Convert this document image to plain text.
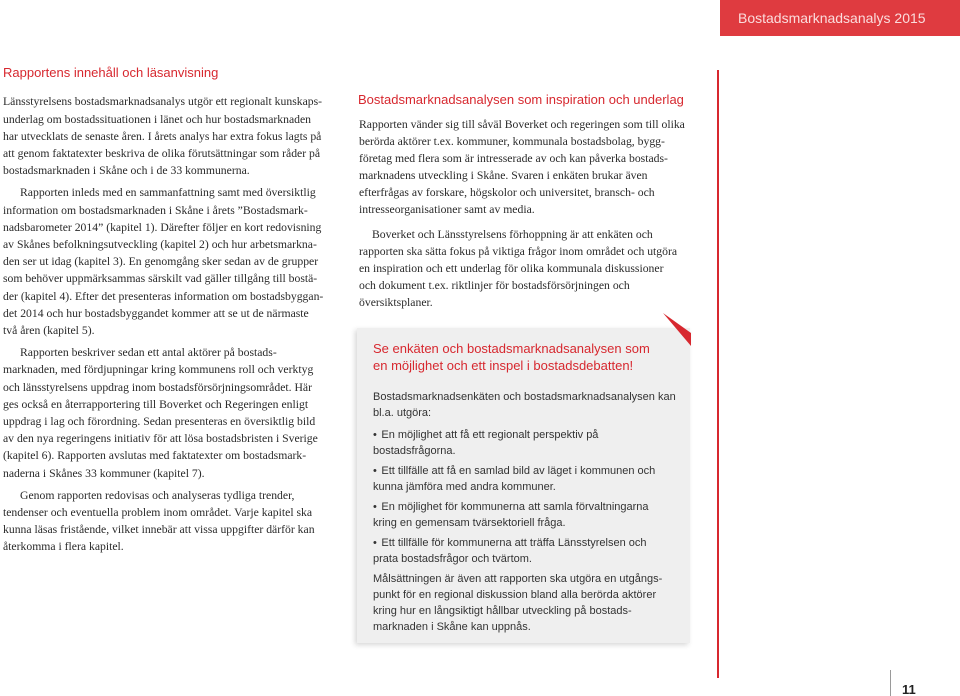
Bostadsmarknadsanalys 2015
Rapportens innehåll och läsanvisning
Länsstyrelsens bostadsmarknadsanalys utgör ett regionalt kunskaps-
underlag om bostadssituationen i länet och hur bostadsmarknaden
har utvecklats de senaste åren. I årets analys har extra fokus lagts på
att genom faktatexter beskriva de olika förutsättningar som råder på
bostadsmarknaden i Skåne och i de 33 kommunerna.
Rapporten inleds med en sammanfattning samt med översiktlig
information om bostadsmarknaden i Skåne i årets ”Bostadsmark-
nadsbarometer 2014” (kapitel 1). Därefter följer en kort redovisning
av Skånes befolkningsutveckling (kapitel 2) och hur arbetsmarkna-
den ser ut idag (kapitel 3). En genomgång sker sedan av de grupper
som behöver uppmärksammas särskilt vad gäller tillgång till bostä-
der (kapitel 4). Efter det presenteras information om bostadsbyggan-
det 2014 och hur bostadsbyggandet kommer att se ut de närmaste
två åren (kapitel 5).
Rapporten beskriver sedan ett antal aktörer på bostads-
marknaden, med fördjupningar kring kommunens roll och verktyg
och länsstyrelsens uppdrag inom bostadsförsörjningsområdet. Här
ges också en återrapportering till Boverket och Regeringen enligt
uppdrag i lag och förordning. Sedan presenteras en översiktlig bild
av den nya regeringens initiativ för att lösa bostadsbristen i Sverige
(kapitel 6). Rapporten avslutas med faktatexter om bostadsmark-
naderna i Skånes 33 kommuner (kapitel 7).
Genom rapporten redovisas och analyseras tydliga trender,
tendenser och eventuella problem inom området. Varje kapitel ska
kunna läsas fristående, vilket innebär att vissa uppgifter därför kan
återkomma i flera kapitel.
Bostadsmarknadsanalysen som inspiration och underlag
Rapporten vänder sig till såväl Boverket och regeringen som till olika
berörda aktörer t.ex. kommuner, kommunala bostadsbolag, bygg-
företag med flera som är intresserade av och kan påverka bostads-
marknadens utveckling i Skåne. Svaren i enkäten brukar även
efterfrågas av forskare, högskolor och universitet, bransch- och
intresseorganisationer samt av media.
Boverket och Länsstyrelsens förhoppning är att enkäten och
rapporten ska sätta fokus på viktiga frågor inom området och utgöra
en inspiration och ett underlag för olika kommunala diskussioner
och dokument t.ex. riktlinjer för bostadsförsörjningen och
översiktsplaner.
Se enkäten och bostadsmarknadsanalysen som
en möjlighet och ett inspel i bostadsdebatten!
Bostadsmarknadsenkäten och bostadsmarknadsanalysen kan
bl.a. utgöra:
• En möjlighet att få ett regionalt perspektiv på
bostadsfrågorna.
• Ett tillfälle att få en samlad bild av läget i kommunen och
kunna jämföra med andra kommuner.
• En möjlighet för kommunerna att samla förvaltningarna
kring en gemensam tvärsektoriell fråga.
• Ett tillfälle för kommunerna att träffa Länsstyrelsen och
prata bostadsfrågor och tvärtom.
Målsättningen är även att rapporten ska utgöra en utgångs-
punkt för en regional diskussion bland alla berörda aktörer
kring hur en långsiktigt hållbar utveckling på bostads-
marknaden i Skåne kan uppnås.
11
